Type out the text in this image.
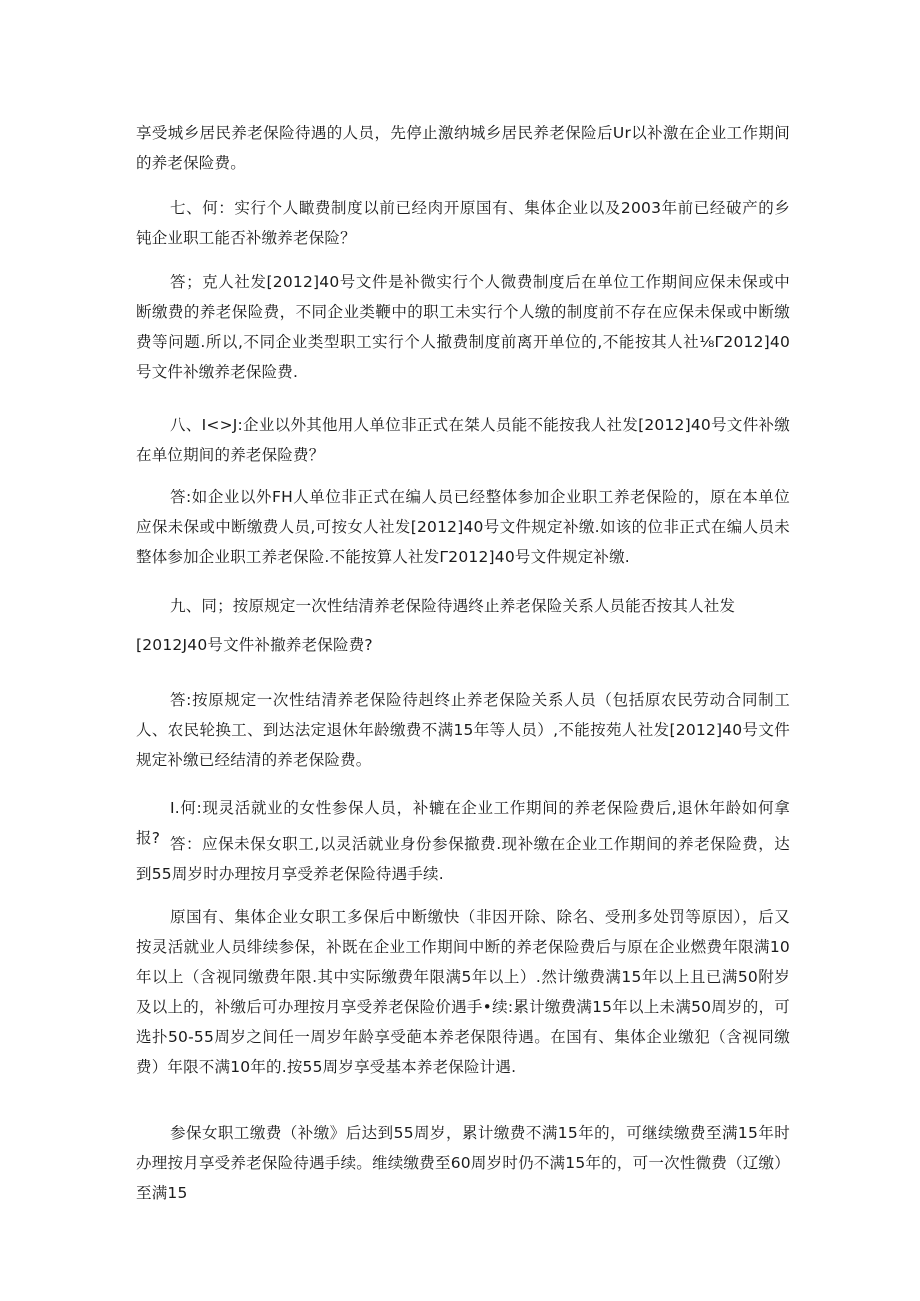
享受城乡居民养老保险待遇的人员，先停止激纳城乡居民养老保险后Ur以补激在企业工作期间的养老保险费。

七、何：实行个人瞰费制度以前已经肉开原国有、集体企业以及2003年前已经破产的乡钝企业职工能否补缴养老保险？

答；克人社发[2012]40号文件是补微实行个人微费制度后在单位工作期间应保未保或中断缴费的养老保险费，不同企业类鞭中的职工未实行个人缴的制度前不存在应保未保或中断缴费等问题.所以,不同企业类型职工实行个人撤费制度前离开单位的,不能按其人社⅛Γ2012]40号文件补缴养老保险费.

八、I<>J:企业以外其他用人单位非正式在桀人员能不能按我人社发[2012]40号文件补缴在单位期间的养老保险费？

答:如企业以外FH人单位非正式在编人员已经整体参加企业职工养老保险的，原在本单位应保未保或中断缴费人员,可按女人社发[2012]40号文件规定补缴.如该的位非正式在编人员未整体参加企业职工养老保险.不能按算人社发Γ2012]40号文件规定补缴.

九、同；按原规定一次性结清养老保险待遇终止养老保险关系人员能否按其人社发

[2012J40号文件补撤养老保险费?

答:按原规定一次性结清养老保险待赳终止养老保险关系人员（包括原农民劳动合同制工人、农民轮换工、到达法定退休年龄缴费不满15年等人员）,不能按苑人社发[2012]40号文件规定补缴已经结清的养老保险费。

I.何:现灵活就业的女性参保人员，补辘在企业工作期间的养老保险费后,退休年龄如何拿报? 答：应保未保女职工,以灵活就业身份参保撤费.现补缴在企业工作期间的养老保险费，达到55周岁时办理按月享受养老保险待遇手续.

原国有、集体企业女职工多保后中断缴快（非因开除、除名、受刑多处罚等原因），后又按灵活就业人员绯续参保，补既在企业工作期间中断的养老保险费后与原在企业燃费年限满10年以上（含视同缴费年限.其中实际缴费年限满5年以上）.然计缴费满15年以上且已满50附岁及以上的，补缴后可办理按月享受养老保险价遇手•续:累计缴费满15年以上未满50周岁的，可选扑50-55周岁之间任一周岁年龄享受葩本养老保限待遇。在国有、集体企业缴犯（含视同缴费）年限不满10年的.按55周岁享受基本养老保险计遇.

参保女职工缴费（补缴》后达到55周岁，累计缴费不满15年的，可继续缴费至满15年时办理按月享受养老保险待遇手续。维续缴费至60周岁时仍不满15年的，可一次性微费（辽缴）至满15
